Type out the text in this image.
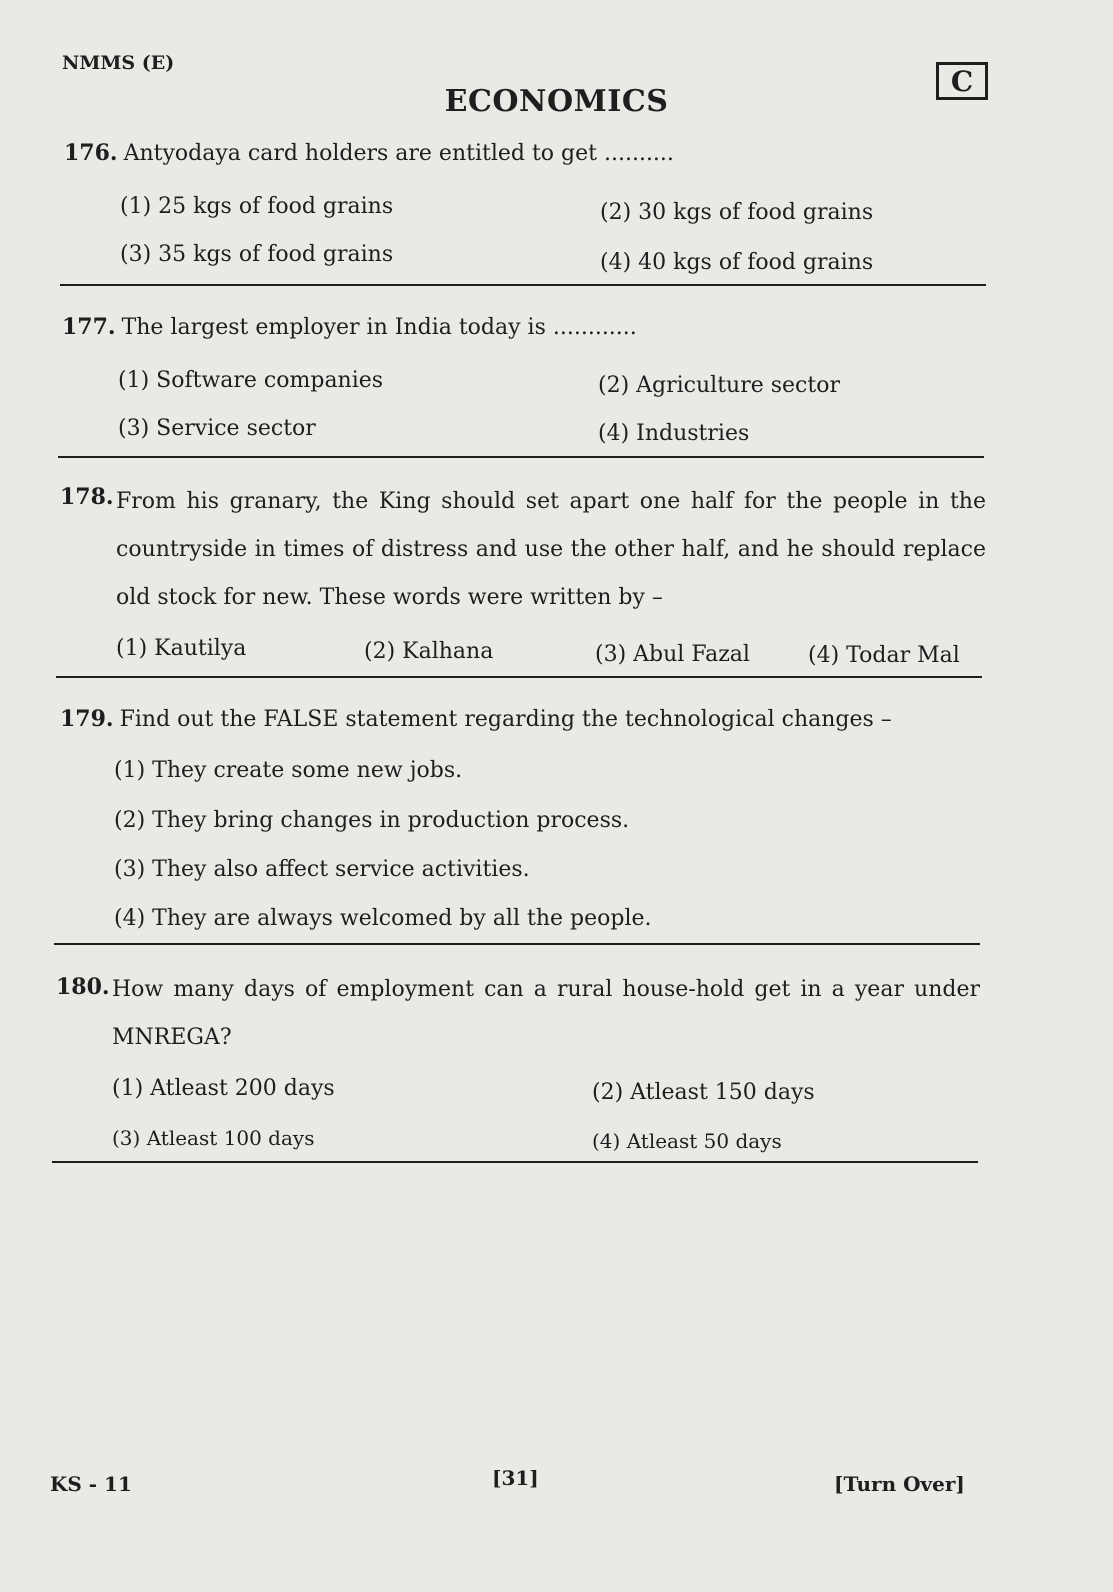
NMMS (E)
C
ECONOMICS
176. Antyodaya card holders are entitled to get ..........
(1) 25 kgs of food grains	(2) 30 kgs of food grains
(3) 35 kgs of food grains	(4) 40 kgs of food grains
177. The largest employer in India today is ............
(1) Software companies	(2) Agriculture sector
(3) Service sector	(4) Industries
178. From his granary, the King should set apart one half for the people in the countryside in times of distress and use the other half, and he should replace old stock for new. These words were written by –
(1) Kautilya	(2) Kalhana	(3) Abul Fazal	(4) Todar Mal
179. Find out the FALSE statement regarding the technological changes –
(1) They create some new jobs.
(2) They bring changes in production process.
(3) They also affect service activities.
(4) They are always welcomed by all the people.
180. How many days of employment can a rural house-hold get in a year under MNREGA?
(1) Atleast 200 days	(2) Atleast 150 days
(3) Atleast 100 days	(4) Atleast 50 days
KS - 11	[31]	[Turn Over]
